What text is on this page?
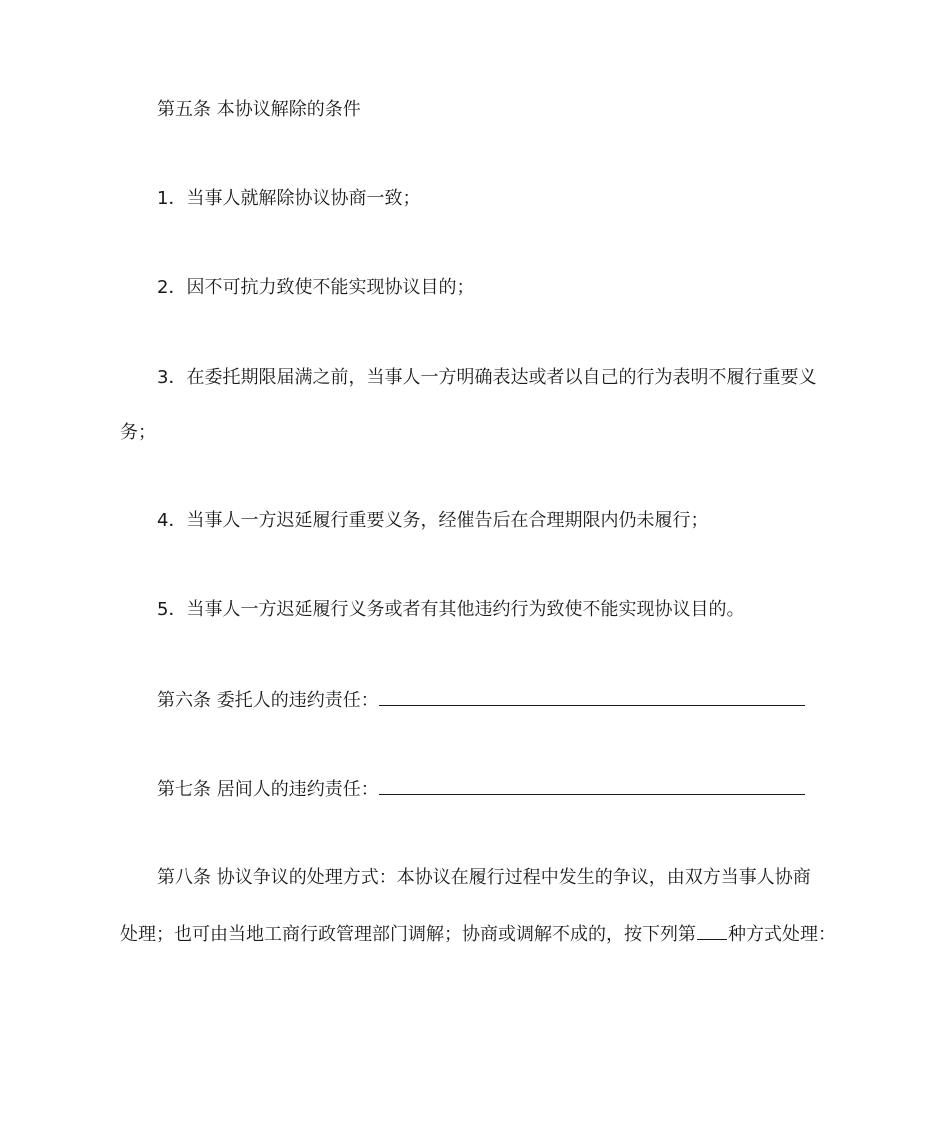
第五条 本协议解除的条件
1．当事人就解除协议协商一致；
2．因不可抗力致使不能实现协议目的；
3．在委托期限届满之前，当事人一方明确表达或者以自己的行为表明不履行重要义
务；
4．当事人一方迟延履行重要义务，经催告后在合理期限内仍未履行；
5．当事人一方迟延履行义务或者有其他违约行为致使不能实现协议目的。
第六条 委托人的违约责任：
第七条 居间人的违约责任：
第八条 协议争议的处理方式：本协议在履行过程中发生的争议，由双方当事人协商
处理；也可由当地工商行政管理部门调解；协商或调解不成的，按下列第 种方式处理：
